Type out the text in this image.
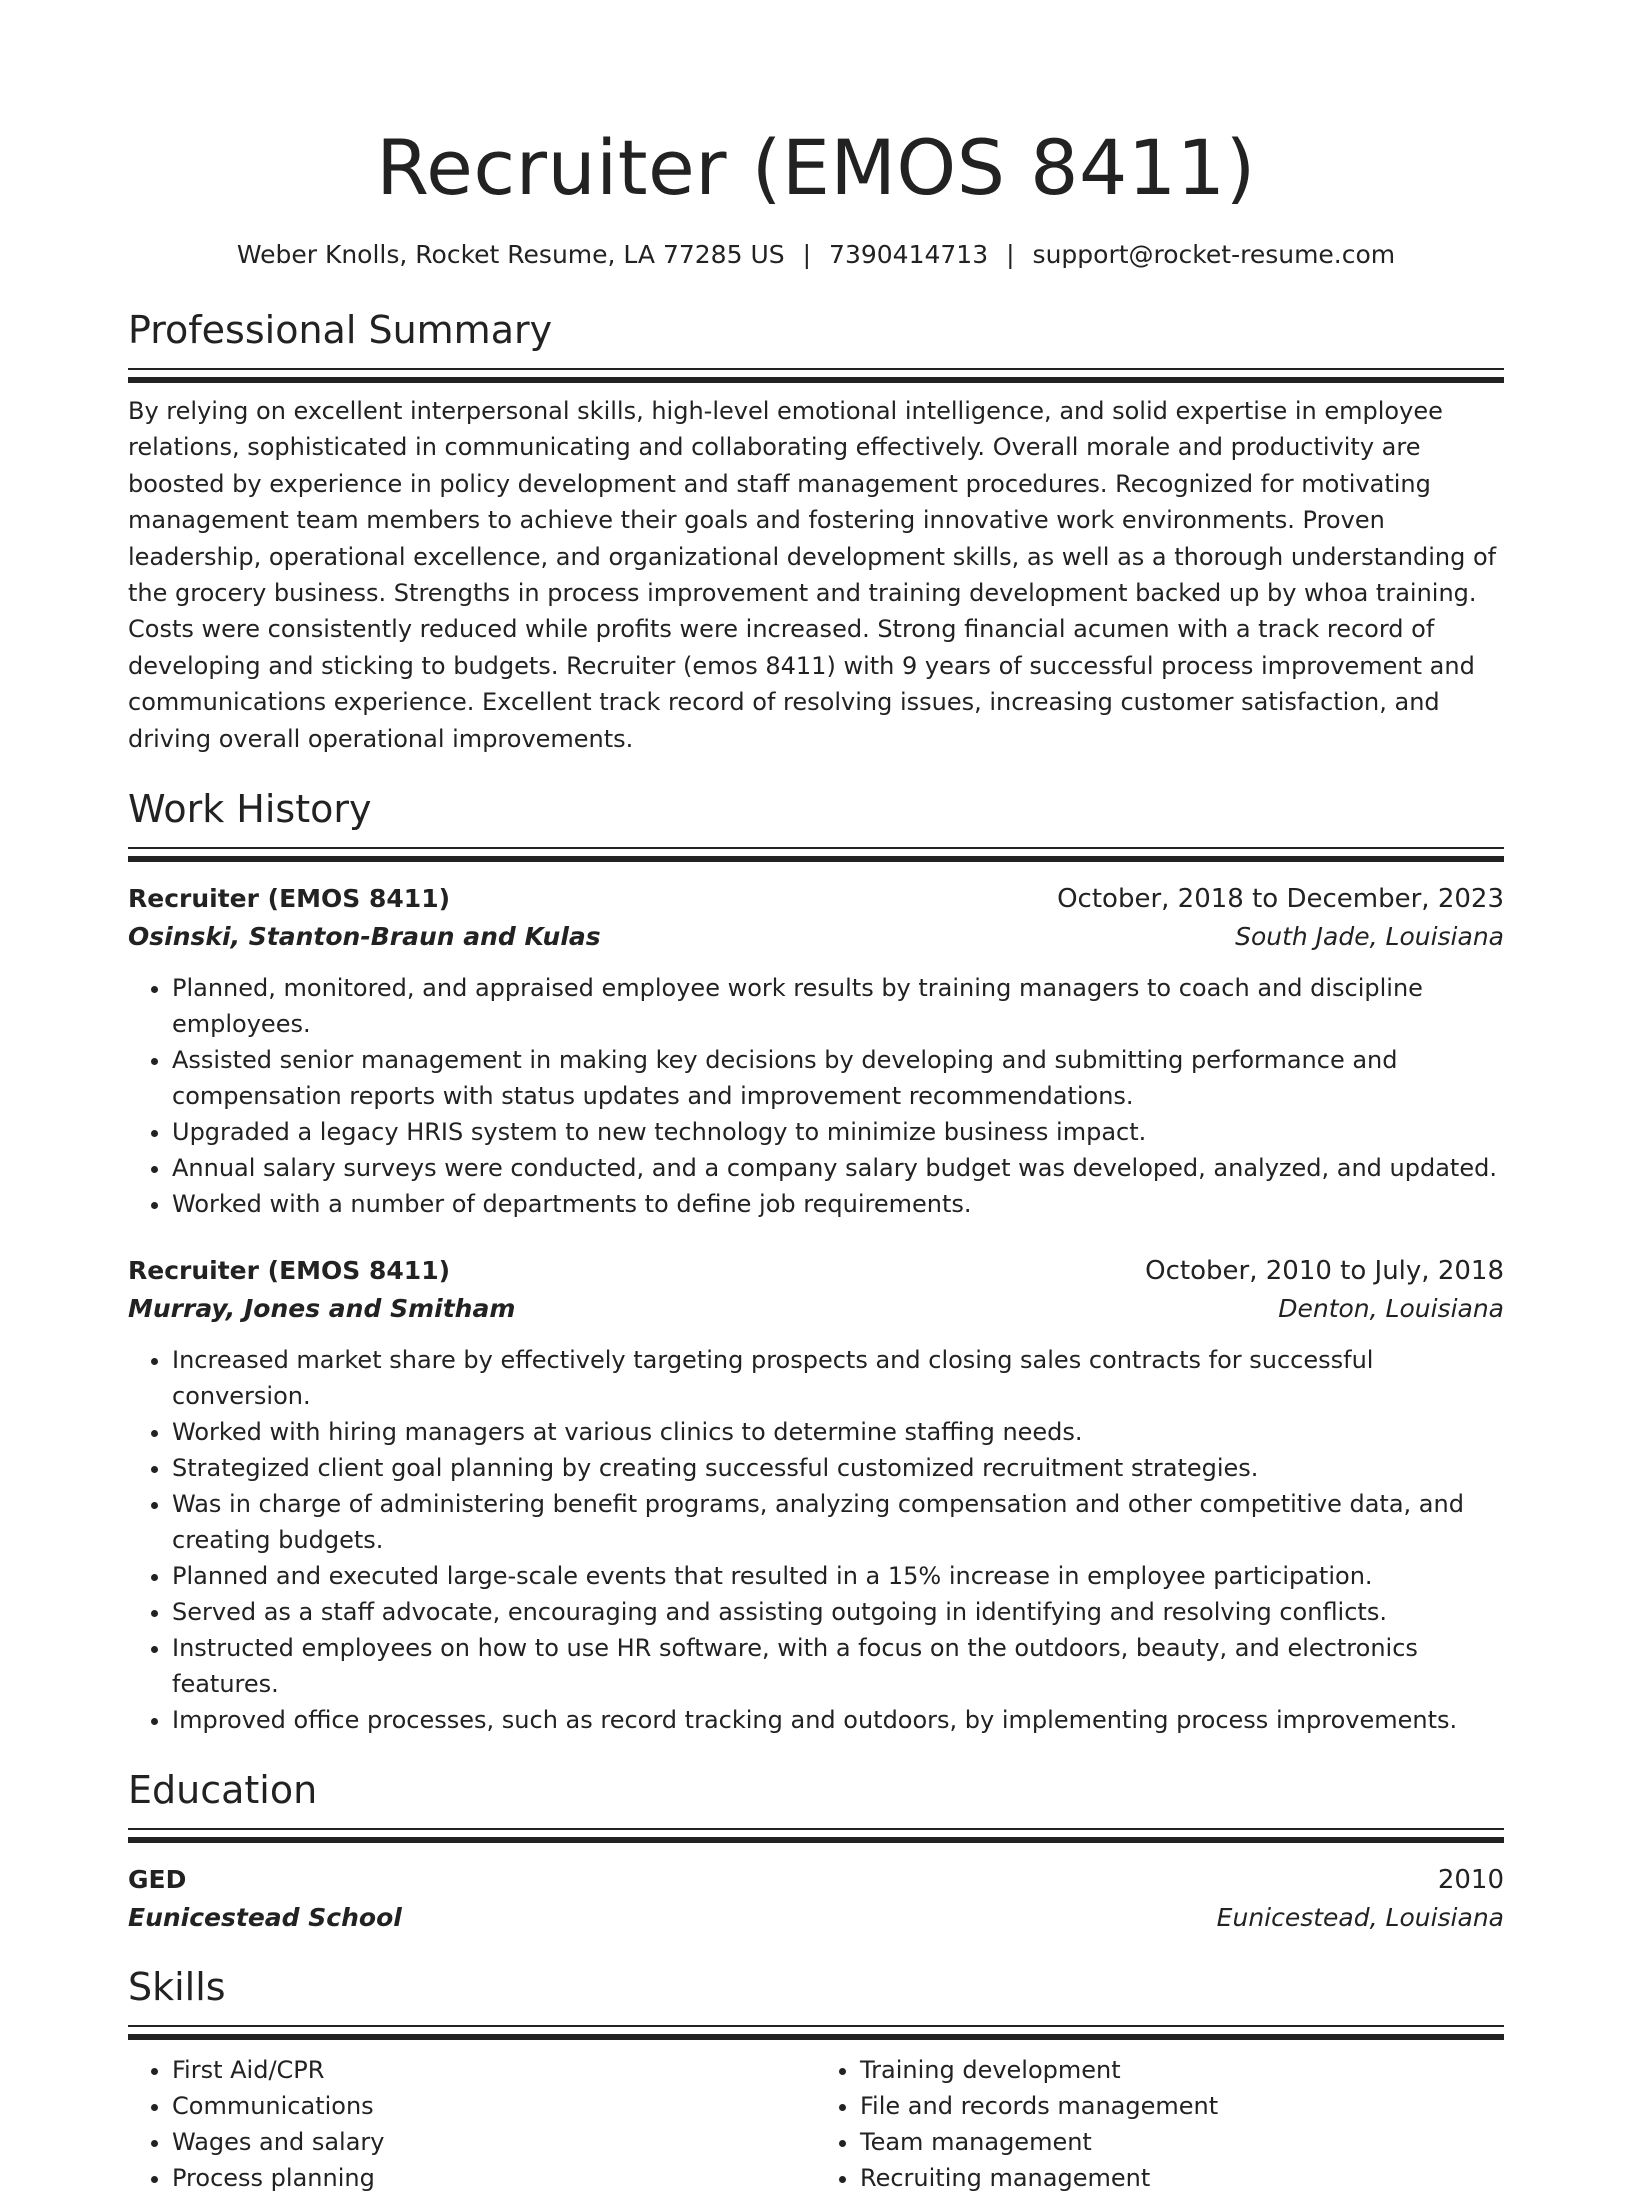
Recruiter (EMOS 8411)
Weber Knolls, Rocket Resume, LA 77285 US | 7390414713 | support@rocket-resume.com
Professional Summary
By relying on excellent interpersonal skills, high-level emotional intelligence, and solid expertise in employee relations, sophisticated in communicating and collaborating effectively. Overall morale and productivity are boosted by experience in policy development and staff management procedures. Recognized for motivating management team members to achieve their goals and fostering innovative work environments. Proven leadership, operational excellence, and organizational development skills, as well as a thorough understanding of the grocery business. Strengths in process improvement and training development backed up by whoa training. Costs were consistently reduced while profits were increased. Strong financial acumen with a track record of developing and sticking to budgets. Recruiter (emos 8411) with 9 years of successful process improvement and communications experience. Excellent track record of resolving issues, increasing customer satisfaction, and driving overall operational improvements.
Work History
Recruiter (EMOS 8411)	October, 2018 to December, 2023
Osinski, Stanton-Braun and Kulas	South Jade, Louisiana
• Planned, monitored, and appraised employee work results by training managers to coach and discipline employees.
• Assisted senior management in making key decisions by developing and submitting performance and compensation reports with status updates and improvement recommendations.
• Upgraded a legacy HRIS system to new technology to minimize business impact.
• Annual salary surveys were conducted, and a company salary budget was developed, analyzed, and updated.
• Worked with a number of departments to define job requirements.
Recruiter (EMOS 8411)	October, 2010 to July, 2018
Murray, Jones and Smitham	Denton, Louisiana
• Increased market share by effectively targeting prospects and closing sales contracts for successful conversion.
• Worked with hiring managers at various clinics to determine staffing needs.
• Strategized client goal planning by creating successful customized recruitment strategies.
• Was in charge of administering benefit programs, analyzing compensation and other competitive data, and creating budgets.
• Planned and executed large-scale events that resulted in a 15% increase in employee participation.
• Served as a staff advocate, encouraging and assisting outgoing in identifying and resolving conflicts.
• Instructed employees on how to use HR software, with a focus on the outdoors, beauty, and electronics features.
• Improved office processes, such as record tracking and outdoors, by implementing process improvements.
Education
GED	2010
Eunicestead School	Eunicestead, Louisiana
Skills
• First Aid/CPR
• Communications
• Wages and salary
• Process planning
• Training development
• File and records management
• Team management
• Recruiting management
